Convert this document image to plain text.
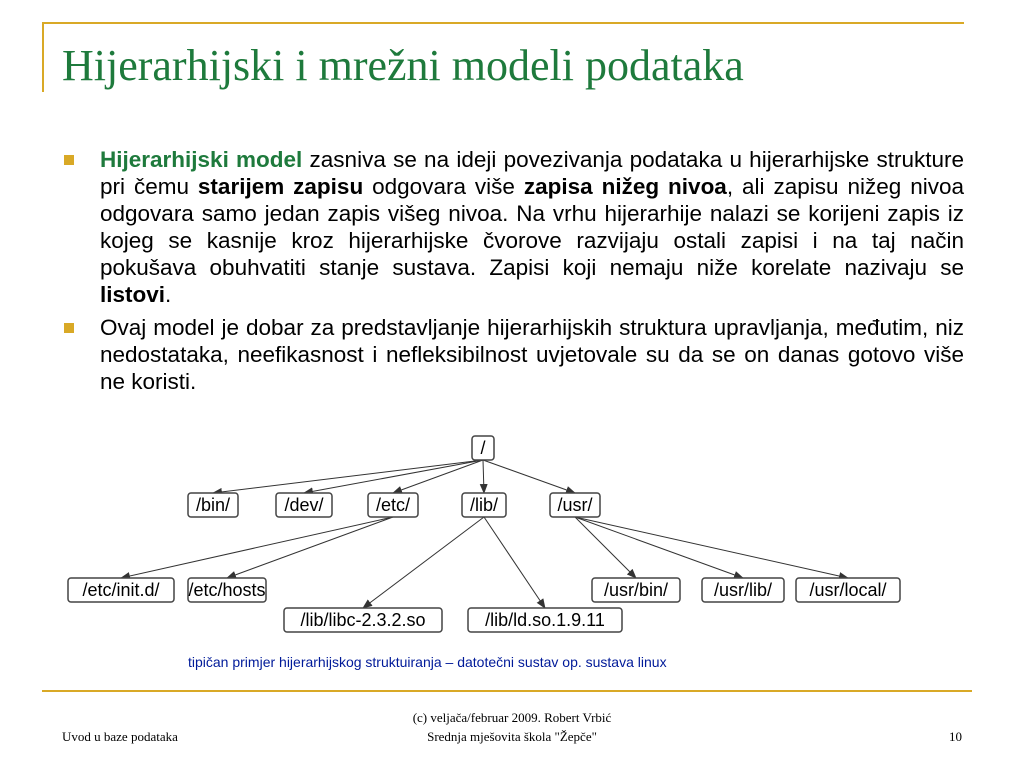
Hijerarhijski i mrežni modeli podataka
Hijerarhijski model zasniva se na ideji povezivanja podataka u hijerarhijske strukture pri čemu starijem zapisu odgovara više zapisa nižeg nivoa, ali zapisu nižeg nivoa odgovara samo jedan zapis višeg nivoa. Na vrhu hijerarhije nalazi se korijeni zapis iz kojeg se kasnije kroz hijerarhijske čvorove razvijaju ostali zapisi i na taj način pokušava obuhvatiti stanje sustava. Zapisi koji nemaju niže korelate nazivaju se listovi.
Ovaj model je dobar za predstavljanje hijerarhijskih struktura upravljanja, međutim, niz nedostataka, neefikasnost i nefleksibilnost uvjetovale su da se on danas gotovo više ne koristi.
/
/bin/	/dev/	/etc/	/lib/	/usr/
/etc/init.d/ /etc/hosts
/lib/libc-2.3.2.so	/lib/ld.so.1.9.11
/usr/bin/	/usr/lib/ /usr/local/
tipičan primjer hijerarhijskog struktuiranja – datotečni sustav op. sustava linux
Uvod u baze podataka
(c) veljača/februar 2009. Robert Vrbić
Srednja mješovita škola "Žepče"	10
